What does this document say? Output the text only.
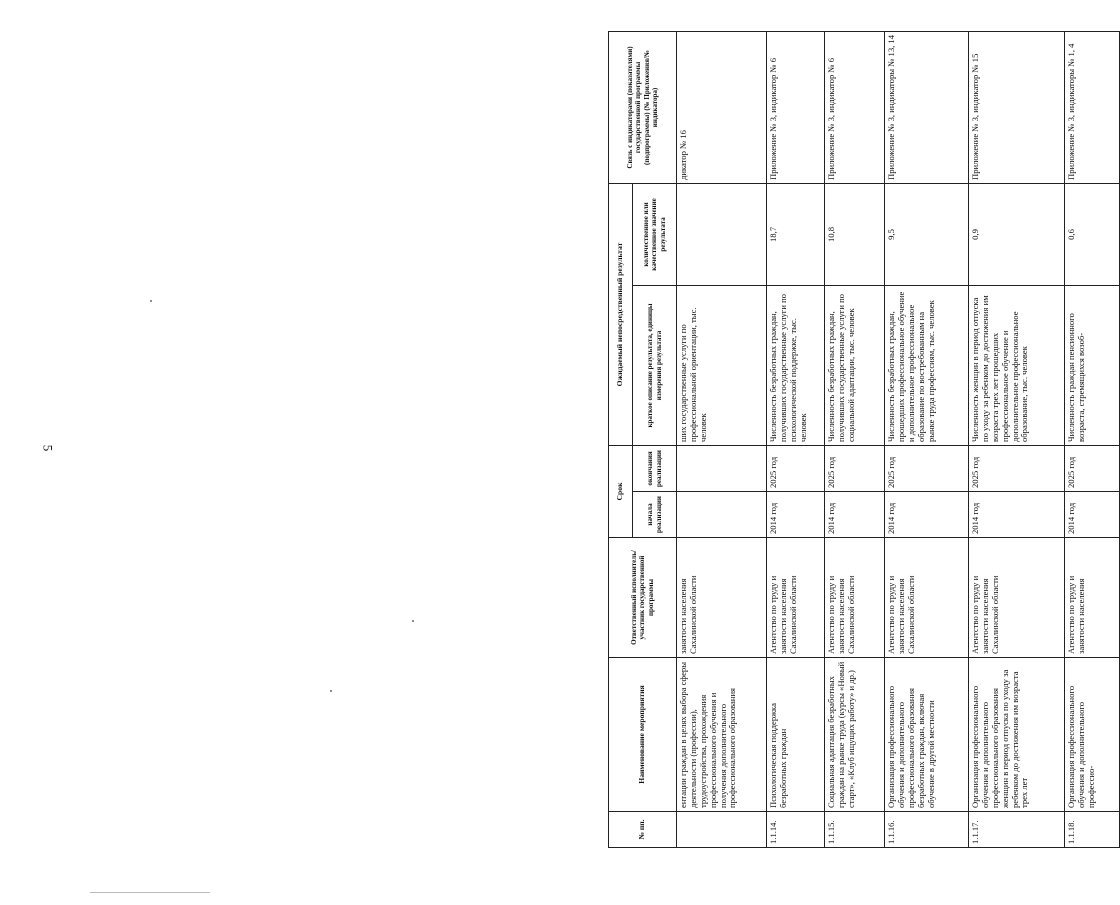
5
№ пп.	Наименование мероприятия	Ответственный исполнитель/участник государственной программы	Срок		Ожидаемый непосредственный результат		Связь с индикаторами (показателями) государственной программы (подпрограммы) (№ Приложения/№ индикатора)
			начала реализации	окончания реализации	краткое описание результата, единицы измерения результата	количественное или качественное значение результата	
	ентации граждан в целях выбора сферы деятельности (профессии), трудоустройства, прохождения профессионального обучения и получения дополнительного профессионального образования	занятости населения Сахалинской области			ших государственные услуги по профессиональной ориентации, тыс. человек		дикатор № 16
1.1.14.	Психологическая поддержка безработных граждан	Агентство по труду и занятости населения Сахалинской области	2014 год	2025 год	Численность безработных граждан, получивших государственные услуги по психологической поддержке, тыс. человек	18,7	Приложение № 3, индикатор № 6
1.1.15.	Социальная адаптация безработных граждан на рынке труда (курсы «Новый старт», «Клуб ищущих работу» и др.)	Агентство по труду и занятости населения Сахалинской области	2014 год	2025 год	Численность безработных граждан, получивших государственные услуги по социальной адаптации, тыс. человек	10,8	Приложение № 3, индикатор № 6
1.1.16.	Организация профессионального обучения и дополнительного профессионального образования безработных граждан, включая обучение в другой местности	Агентство по труду и занятости населения Сахалинской области	2014 год	2025 год	Численность безработных граждан, прошедших профессиональное обучение и дополнительное профессиональное образование по востребованным на рынке труда профессиям, тыс. человек	9,5	Приложение № 3, индикаторы № 13, 14
1.1.17.	Организация профессионального обучения и дополнительного профессионального образования женщин в период отпуска по уходу за ребенком до достижения им возраста трех лет	Агентство по труду и занятости населения Сахалинской области	2014 год	2025 год	Численность женщин в период отпуска по уходу за ребенком до достижения им возраста трех лет прошедших профессиональное обучение и дополнительное профессиональное образование, тыс. человек	0,9	Приложение № 3, индикатор № 15
1.1.18.	Организация профессионального обучения и дополнительного профессио-	Агентство по труду и занятости населения	2014 год	2025 год	Численность граждан пенсионного возраста, стремящихся возоб-	0,6	Приложение № 3, индикаторы № 1, 4
